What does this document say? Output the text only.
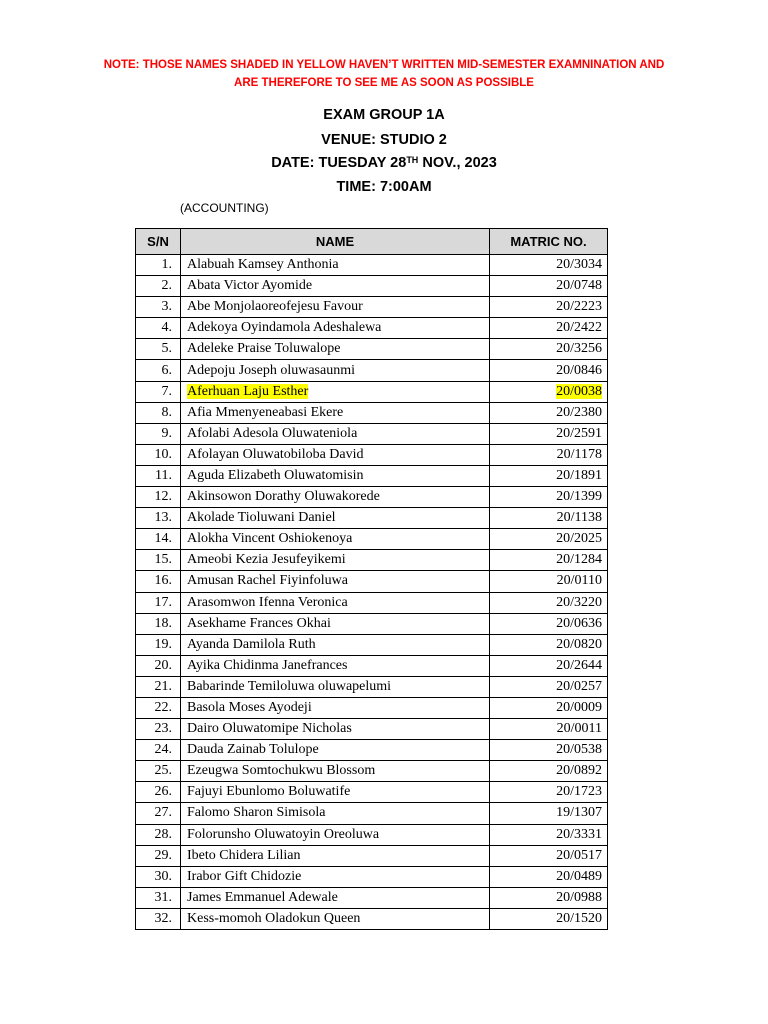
NOTE: THOSE NAMES SHADED IN YELLOW HAVEN’T WRITTEN MID-SEMESTER EXAMNINATION AND
ARE THEREFORE TO SEE ME AS SOON AS POSSIBLE
EXAM GROUP 1A
VENUE: STUDIO 2
DATE: TUESDAY 28TH NOV., 2023
TIME: 7:00AM
(ACCOUNTING)
S/N	NAME	MATRIC NO.
1.	Alabuah Kamsey Anthonia	20/3034
2.	Abata Victor Ayomide	20/0748
3.	Abe Monjolaoreofejesu Favour	20/2223
4.	Adekoya Oyindamola Adeshalewa	20/2422
5.	Adeleke Praise Toluwalope	20/3256
6.	Adepoju Joseph oluwasaunmi	20/0846
7.	Aferhuan Laju Esther	20/0038
8.	Afia Mmenyeneabasi Ekere	20/2380
9.	Afolabi Adesola Oluwateniola	20/2591
10.	Afolayan Oluwatobiloba David	20/1178
11.	Aguda Elizabeth Oluwatomisin	20/1891
12.	Akinsowon Dorathy Oluwakorede	20/1399
13.	Akolade Tioluwani Daniel	20/1138
14.	Alokha Vincent Oshiokenoya	20/2025
15.	Ameobi Kezia Jesufeyikemi	20/1284
16.	Amusan Rachel Fiyinfoluwa	20/0110
17.	Arasomwon Ifenna Veronica	20/3220
18.	Asekhame Frances Okhai	20/0636
19.	Ayanda Damilola Ruth	20/0820
20.	Ayika Chidinma Janefrances	20/2644
21.	Babarinde Temiloluwa oluwapelumi	20/0257
22.	Basola Moses Ayodeji	20/0009
23.	Dairo Oluwatomipe Nicholas	20/0011
24.	Dauda Zainab Tolulope	20/0538
25.	Ezeugwa Somtochukwu Blossom	20/0892
26.	Fajuyi Ebunlomo Boluwatife	20/1723
27.	Falomo Sharon Simisola	19/1307
28.	Folorunsho Oluwatoyin Oreoluwa	20/3331
29.	Ibeto Chidera Lilian	20/0517
30.	Irabor Gift Chidozie	20/0489
31.	James Emmanuel Adewale	20/0988
32.	Kess-momoh Oladokun Queen	20/1520
